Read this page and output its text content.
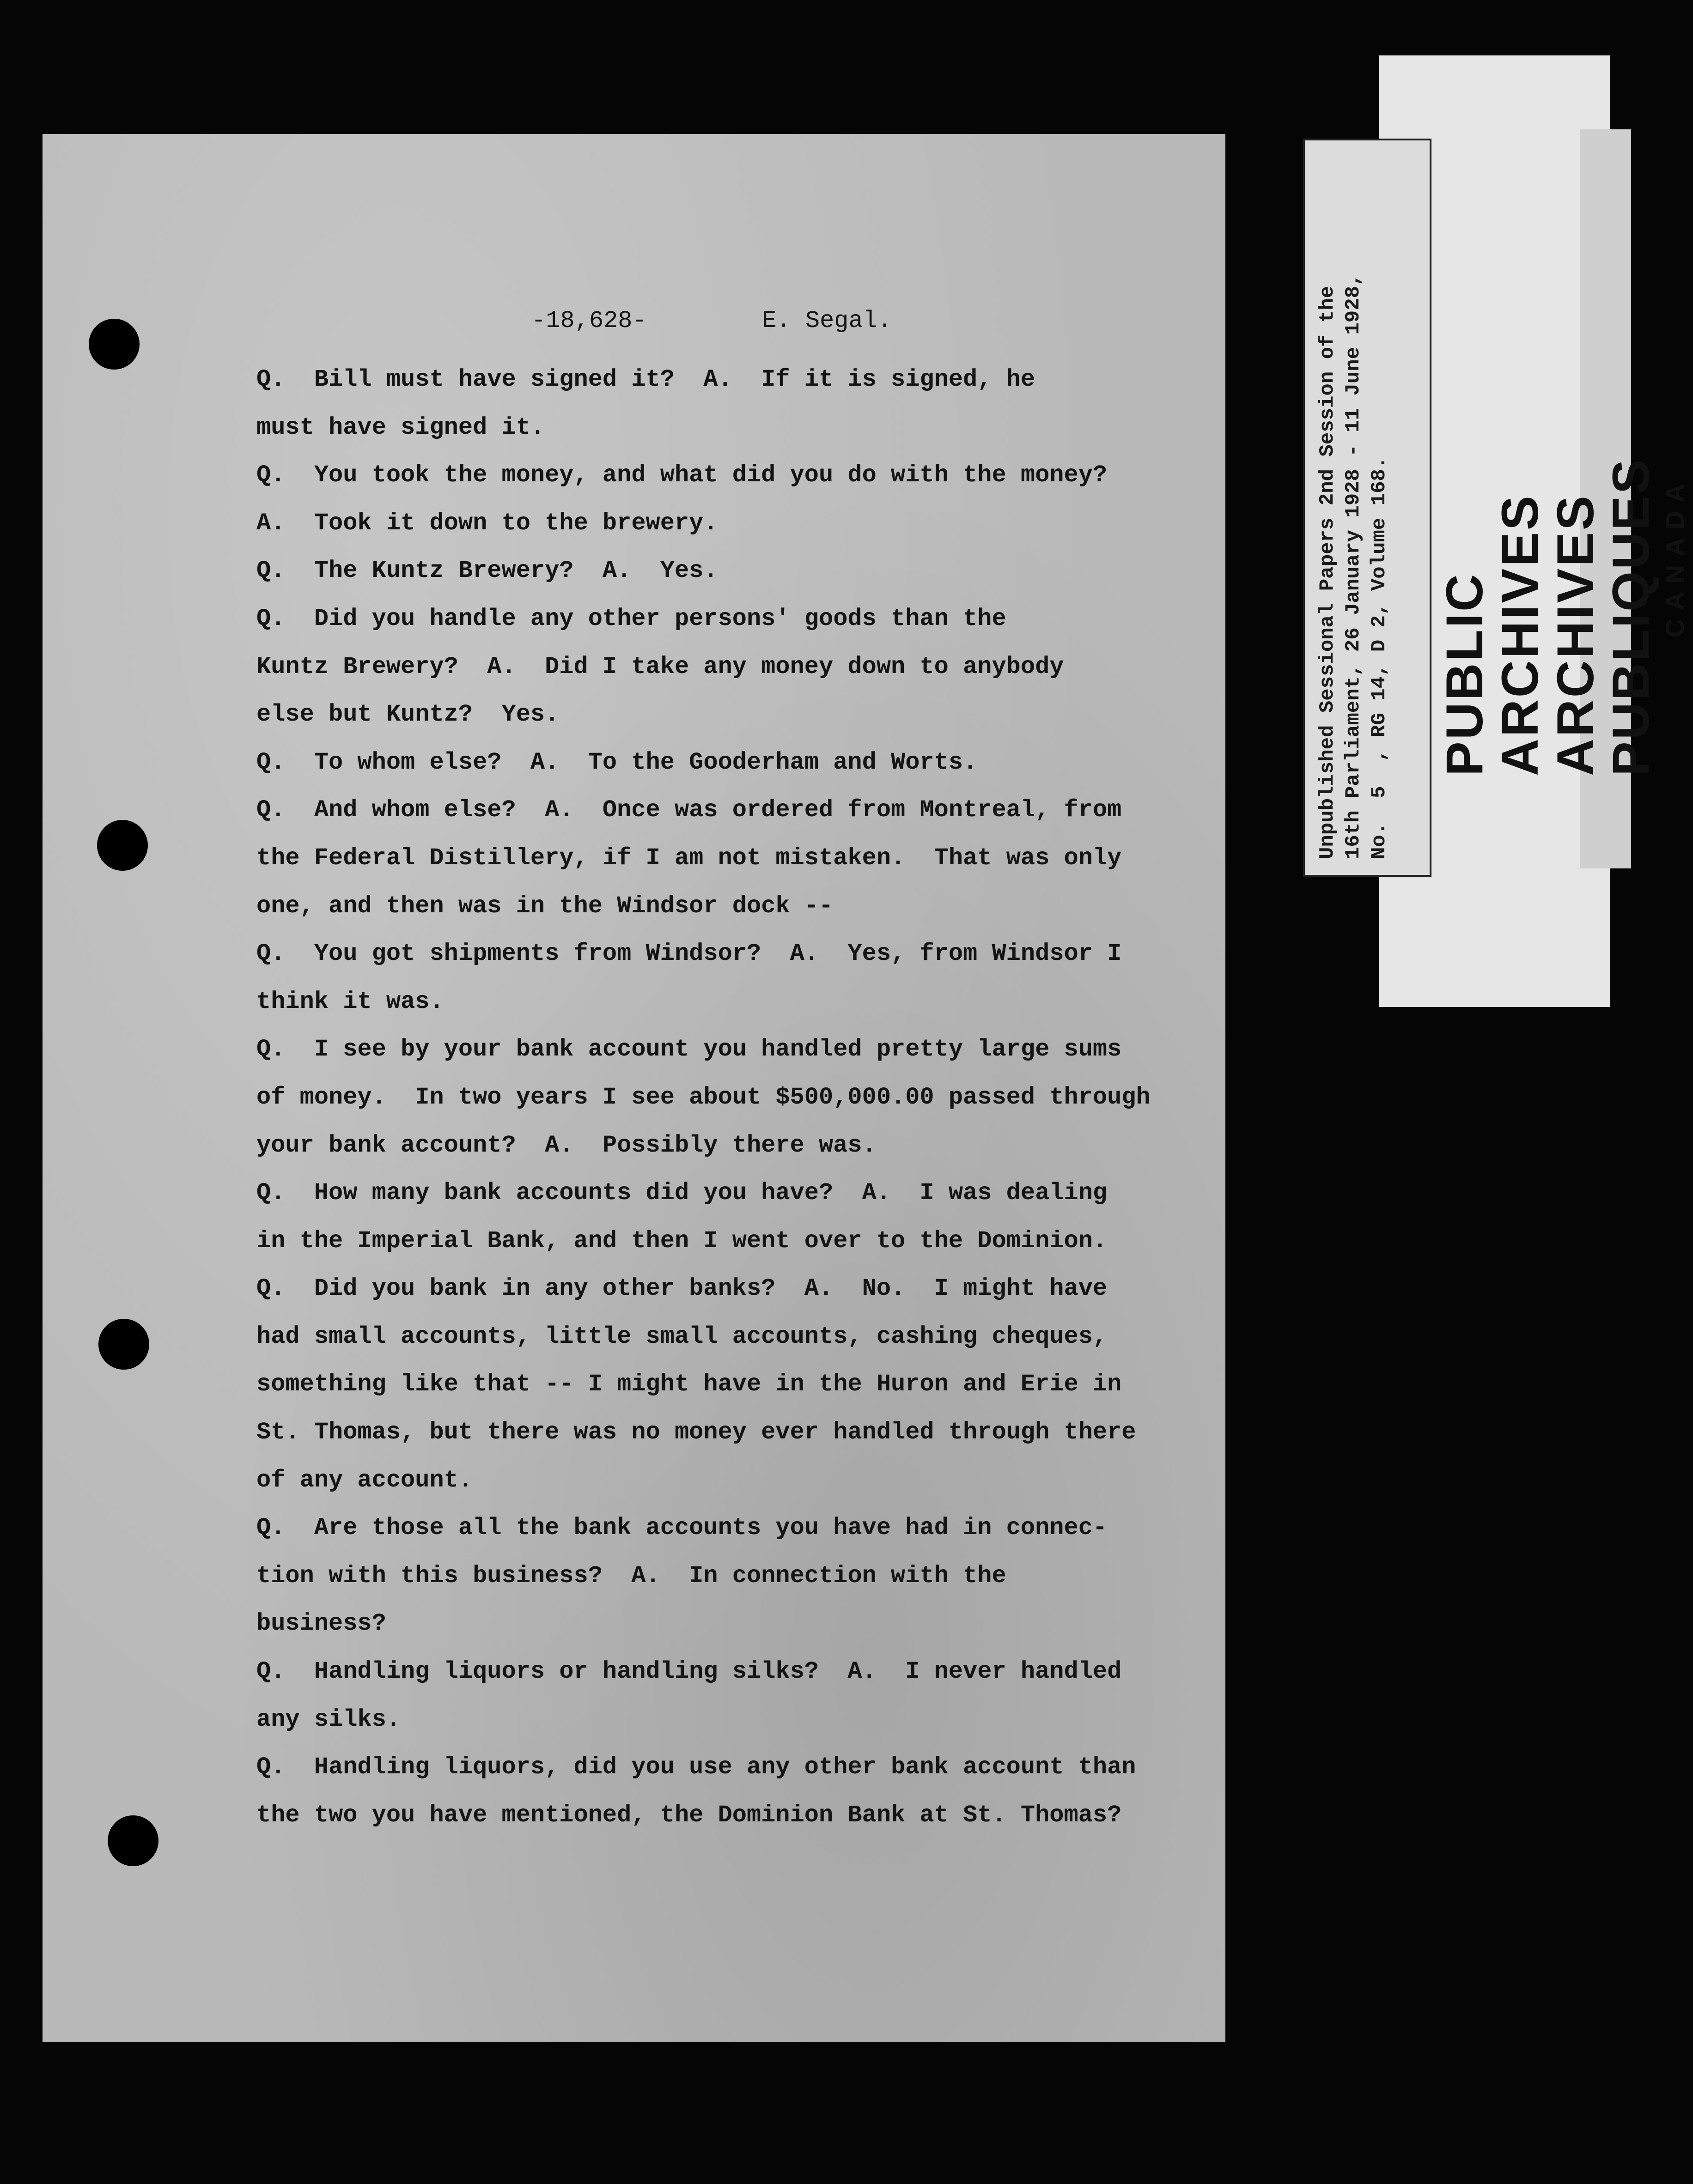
-18,628-        E. Segal.
Q.  Bill must have signed it?  A.  If it is signed, he
must have signed it.
Q.  You took the money, and what did you do with the money?
A.  Took it down to the brewery.
Q.  The Kuntz Brewery?  A.  Yes.
Q.  Did you handle any other persons' goods than the
Kuntz Brewery?  A.  Did I take any money down to anybody
else but Kuntz?  Yes.
Q.  To whom else?  A.  To the Gooderham and Worts.
Q.  And whom else?  A.  Once was ordered from Montreal, from
the Federal Distillery, if I am not mistaken.  That was only
one, and then was in the Windsor dock --
Q.  You got shipments from Windsor?  A.  Yes, from Windsor I
think it was.
Q.  I see by your bank account you handled pretty large sums
of money.  In two years I see about $500,000.00 passed through
your bank account?  A.  Possibly there was.
Q.  How many bank accounts did you have?  A.  I was dealing
in the Imperial Bank, and then I went over to the Dominion.
Q.  Did you bank in any other banks?  A.  No.  I might have
had small accounts, little small accounts, cashing cheques,
something like that -- I might have in the Huron and Erie in
St. Thomas, but there was no money ever handled through there
of any account.
Q.  Are those all the bank accounts you have had in connec-
tion with this business?  A.  In connection with the
business?
Q.  Handling liquors or handling silks?  A.  I never handled
any silks.
Q.  Handling liquors, did you use any other bank account than
the two you have mentioned, the Dominion Bank at St. Thomas?
Unpublished Sessional Papers 2nd Session of the 16th Parliament, 26 January 1928 - 11 June 1928, No.  5  , RG 14, D 2, Volume 168. PUBLIC ARCHIVES
ARCHIVES PUBLIQUES CANADA
